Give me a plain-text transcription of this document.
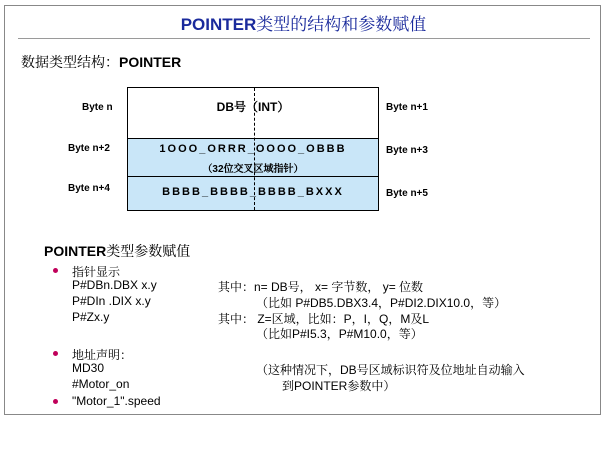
POINTER类型的结构和参数赋值
数据类型结构：POINTER
Byte n
Byte n+2
Byte n+4
Byte n+1
Byte n+3
Byte n+5
DB号（INT）
1OOO_ORRR_OOOO_OBBB
（32位交叉区域指针）
BBBB_BBBB_BBBB_BXXX
POINTER类型参数赋值
指针显示
P#DBn.DBX x.y
P#DIn .DIX x.y
P#Zx.y
其中：n= DB号， x= 字节数， y= 位数
（比如 P#DB5.DBX3.4，P#DI2.DIX10.0，等）
其中： Z=区域，比如：P，I，Q，M及L
（比如P#I5.3，P#M10.0，等）
地址声明：
MD30
#Motor_on
（这种情况下，DB号区域标识符及位地址自动输入
到POINTER参数中）
"Motor_1".speed
